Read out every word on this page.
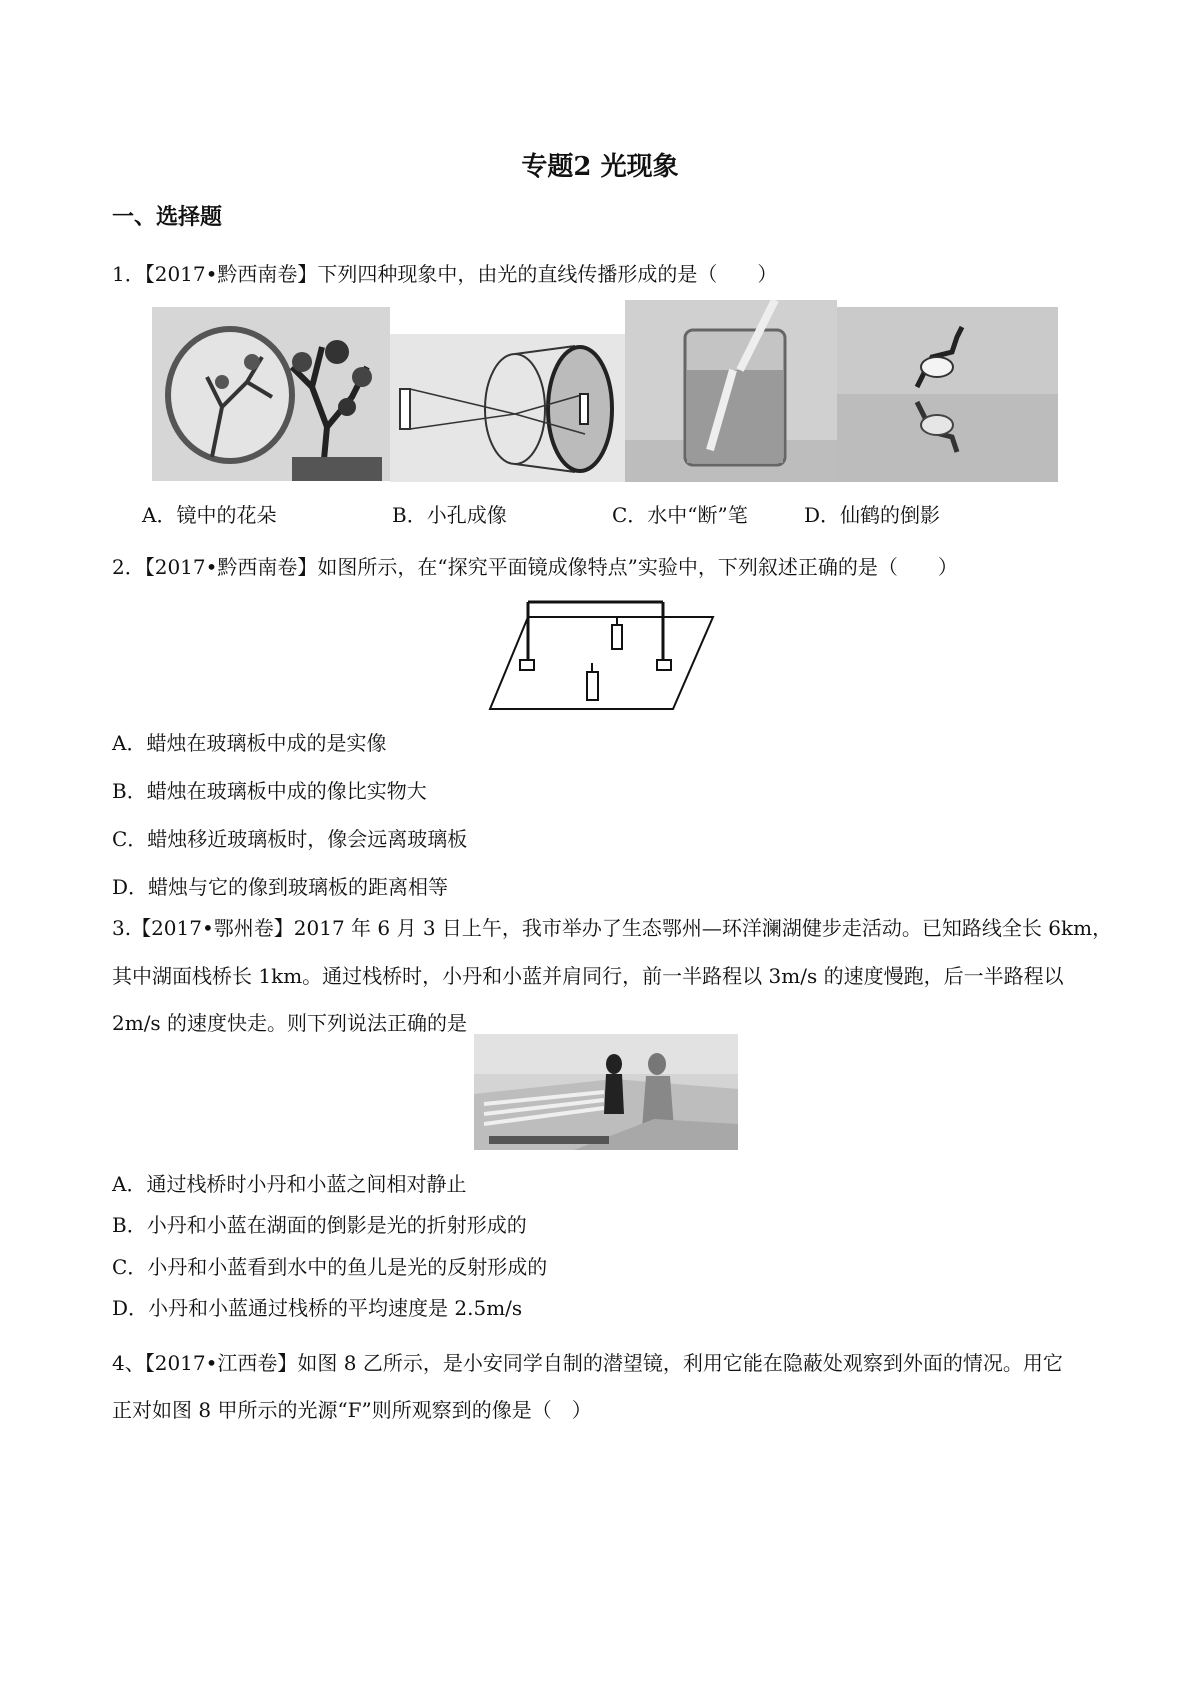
专题2 光现象
一、选择题
1．【2017•黔西南卷】下列四种现象中，由光的直线传播形成的是（　　）
A．镜中的花朵	B．小孔成像	C．水中“断”笔	D．仙鹤的倒影
2．【2017•黔西南卷】如图所示，在“探究平面镜成像特点”实验中，下列叙述正确的是（　　）
A．蜡烛在玻璃板中成的是实像
B．蜡烛在玻璃板中成的像比实物大
C．蜡烛移近玻璃板时，像会远离玻璃板
D．蜡烛与它的像到玻璃板的距离相等
3.【2017•鄂州卷】2017 年 6 月 3 日上午，我市举办了生态鄂州—环洋澜湖健步走活动。已知路线全长 6km，
其中湖面栈桥长 1km。通过栈桥时，小丹和小蓝并肩同行，前一半路程以 3m/s 的速度慢跑，后一半路程以
2m/s 的速度快走。则下列说法正确的是
A．通过栈桥时小丹和小蓝之间相对静止
B．小丹和小蓝在湖面的倒影是光的折射形成的
C．小丹和小蓝看到水中的鱼儿是光的反射形成的
D．小丹和小蓝通过栈桥的平均速度是 2.5m/s
4、【2017•江西卷】如图 8 乙所示，是小安同学自制的潜望镜，利用它能在隐蔽处观察到外面的情况。用它
正对如图 8 甲所示的光源“F”则所观察到的像是（　）
